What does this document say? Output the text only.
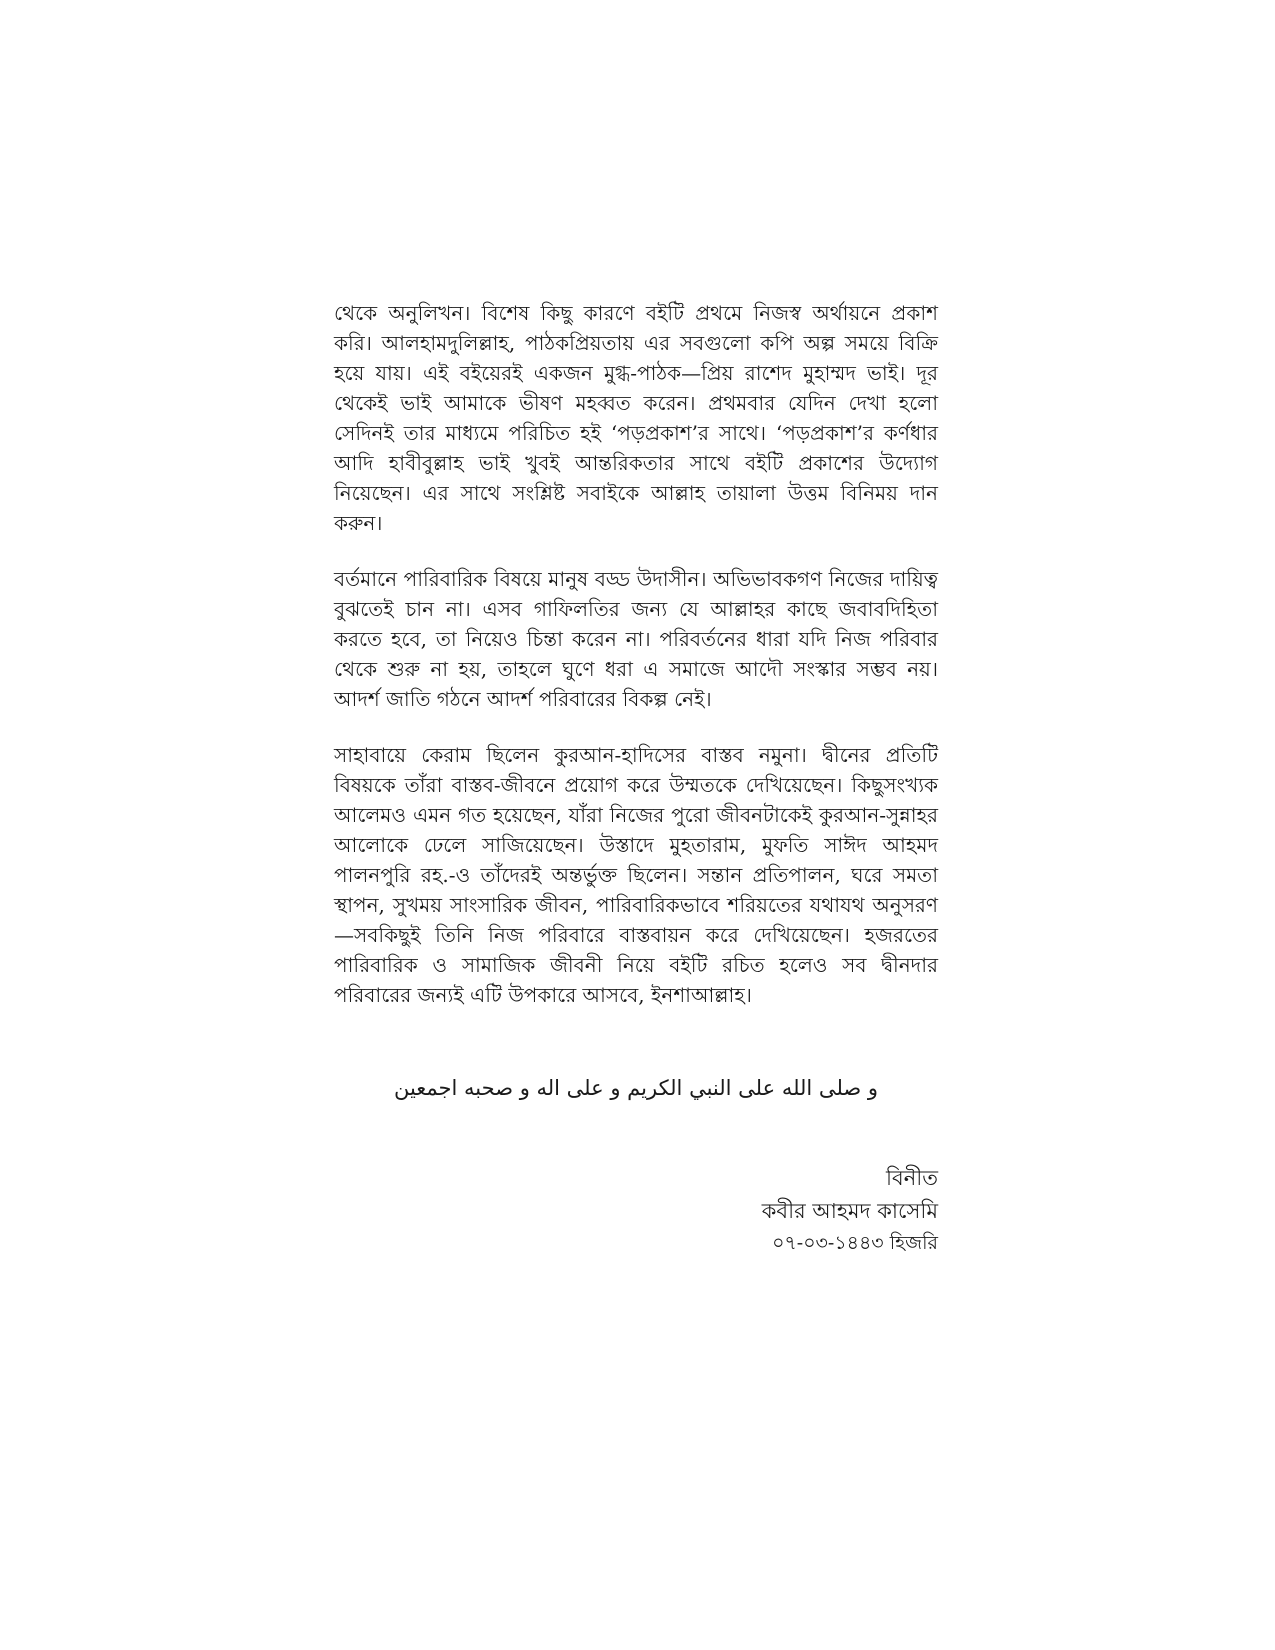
থেকে অনুলিখন। বিশেষ কিছু কারণে বইটি প্রথমে নিজস্ব অর্থায়নে প্রকাশ করি। আলহামদুলিল্লাহ, পাঠকপ্রিয়তায় এর সবগুলো কপি অল্প সময়ে বিক্রি হয়ে যায়। এই বইয়েরই একজন মুগ্ধ-পাঠক—প্রিয় রাশেদ মুহাম্মদ ভাই। দূর থেকেই ভাই আমাকে ভীষণ মহব্বত করেন। প্রথমবার যেদিন দেখা হলো সেদিনই তার মাধ্যমে পরিচিত হই ‘পড়প্রকাশ’র সাথে। ‘পড়প্রকাশ’র কর্ণধার আদি হাবীবুল্লাহ ভাই খুবই আন্তরিকতার সাথে বইটি প্রকাশের উদ্যোগ নিয়েছেন। এর সাথে সংশ্লিষ্ট সবাইকে আল্লাহ তায়ালা উত্তম বিনিময় দান করুন।

বর্তমানে পারিবারিক বিষয়ে মানুষ বড্ড উদাসীন। অভিভাবকগণ নিজের দায়িত্ব বুঝতেই চান না। এসব গাফিলতির জন্য যে আল্লাহর কাছে জবাবদিহিতা করতে হবে, তা নিয়েও চিন্তা করেন না। পরিবর্তনের ধারা যদি নিজ পরিবার থেকে শুরু না হয়, তাহলে ঘুণে ধরা এ সমাজে আদৌ সংস্কার সম্ভব নয়। আদর্শ জাতি গঠনে আদর্শ পরিবারের বিকল্প নেই।

সাহাবায়ে কেরাম ছিলেন কুরআন-হাদিসের বাস্তব নমুনা। দ্বীনের প্রতিটি বিষয়কে তাঁরা বাস্তব-জীবনে প্রয়োগ করে উম্মতকে দেখিয়েছেন। কিছুসংখ্যক আলেমও এমন গত হয়েছেন, যাঁরা নিজের পুরো জীবনটাকেই কুরআন-সুন্নাহর আলোকে ঢেলে সাজিয়েছেন। উস্তাদে মুহতারাম, মুফতি সাঈদ আহমদ পালনপুরি রহ.-ও তাঁদেরই অন্তর্ভুক্ত ছিলেন। সন্তান প্রতিপালন, ঘরে সমতা স্থাপন, সুখময় সাংসারিক জীবন, পারিবারিকভাবে শরিয়তের যথাযথ অনুসরণ—সবকিছুই তিনি নিজ পরিবারে বাস্তবায়ন করে দেখিয়েছেন। হজরতের পারিবারিক ও সামাজিক জীবনী নিয়ে বইটি রচিত হলেও সব দ্বীনদার পরিবারের জন্যই এটি উপকারে আসবে, ইনশাআল্লাহ।

و صلى الله على النبي الكريم و على اله و صحبه اجمعين
বিনীত
কবীর আহমদ কাসেমি
০৭-০৩-১৪৪৩ হিজরি
